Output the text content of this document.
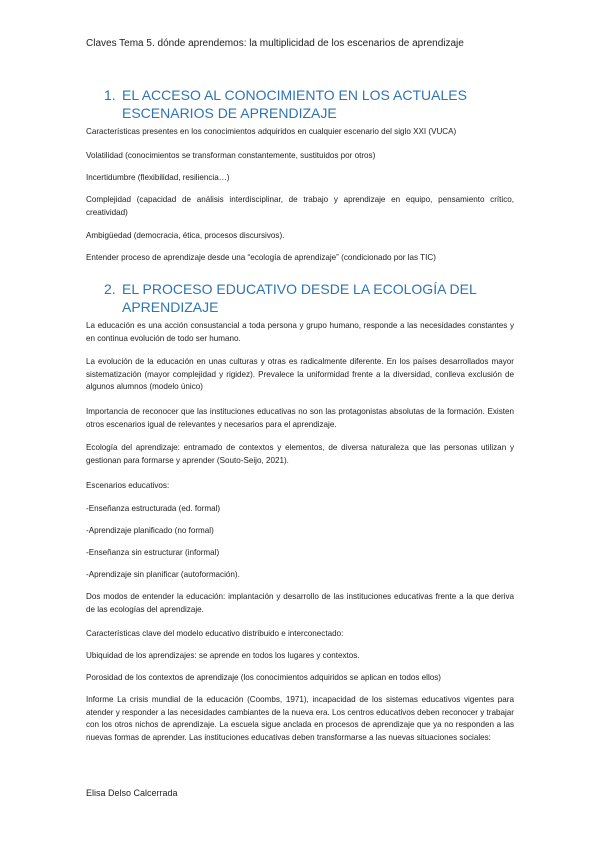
Claves Tema 5. dónde aprendemos: la multiplicidad de los escenarios de aprendizaje
1. EL ACCESO AL CONOCIMIENTO EN LOS ACTUALES ESCENARIOS DE APRENDIZAJE
Características presentes en los conocimientos adquiridos en cualquier escenario del siglo XXI (VUCA)
Volatilidad (conocimientos se transforman constantemente, sustituidos por otros)
Incertidumbre (flexibilidad, resiliencia…)
Complejidad (capacidad de análisis interdisciplinar, de trabajo y aprendizaje en equipo, pensamiento crítico, creatividad)
Ambigüedad (democracia, ética, procesos discursivos).
Entender proceso de aprendizaje desde una “ecología de aprendizaje” (condicionado por las TIC)
2. EL PROCESO EDUCATIVO DESDE LA ECOLOGÍA DEL APRENDIZAJE
La educación es una acción consustancial a toda persona y grupo humano, responde a las necesidades constantes y en continua evolución de todo ser humano.
La evolución de la educación en unas culturas y otras es radicalmente diferente. En los países desarrollados mayor sistematización (mayor complejidad y rigidez). Prevalece la uniformidad frente a la diversidad, conlleva exclusión de algunos alumnos (modelo único)
Importancia de reconocer que las instituciones educativas no son las protagonistas absolutas de la formación. Existen otros escenarios igual de relevantes y necesarios para el aprendizaje.
Ecología del aprendizaje: entramado de contextos y elementos, de diversa naturaleza que las personas utilizan y gestionan para formarse y aprender (Souto-Seijo, 2021).
Escenarios educativos:
-Enseñanza estructurada (ed. formal)
-Aprendizaje planificado (no formal)
-Enseñanza sin estructurar (informal)
-Aprendizaje sin planificar (autoformación).
Dos modos de entender la educación: implantación y desarrollo de las instituciones educativas frente a la que deriva de las ecologías del aprendizaje.
Características clave del modelo educativo distribuido e interconectado:
Ubiquidad de los aprendizajes: se aprende en todos los lugares y contextos.
Porosidad de los contextos de aprendizaje (los conocimientos adquiridos se aplican en todos ellos)
Informe La crisis mundial de la educación (Coombs, 1971), incapacidad de los sistemas educativos vigentes para atender y responder a las necesidades cambiantes de la nueva era. Los centros educativos deben reconocer y trabajar con los otros nichos de aprendizaje. La escuela sigue anclada en procesos de aprendizaje que ya no responden a las nuevas formas de aprender. Las instituciones educativas deben transformarse a las nuevas situaciones sociales:
Elisa Delso Calcerrada
